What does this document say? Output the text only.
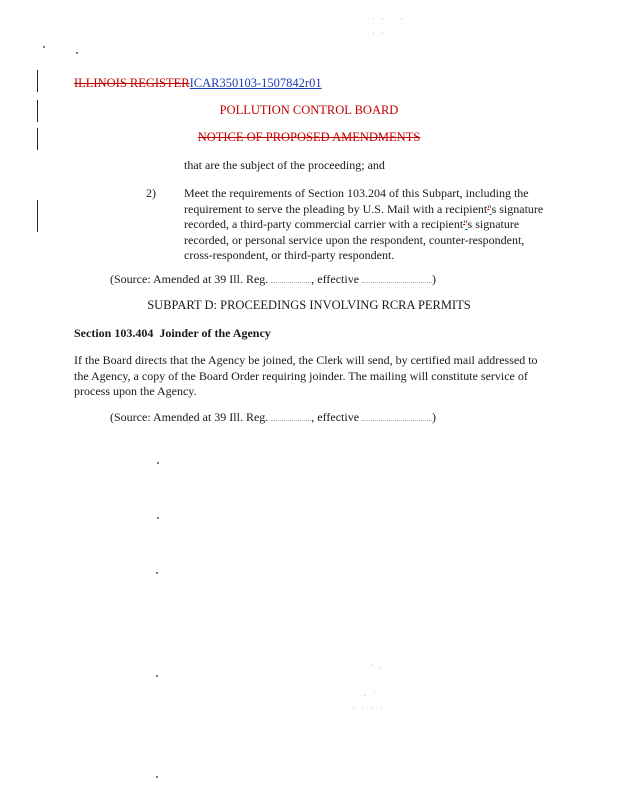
· · · ·
· ·
ILLINOIS REGISTERICAR350103-1507842r01
POLLUTION CONTROL BOARD
NOTICE OF PROPOSED AMENDMENTS
that are the subject of the proceeding; and
2) Meet the requirements of Section 103.204 of this Subpart, including the
requirement to serve the pleading by U.S. Mail with a recipient''s signature
recorded, a third-party commercial carrier with a recipient''s signature
recorded, or personal service upon the respondent, counter-respondent,
cross-respondent, or third-party respondent.
(Source: Amended at 39 Ill. Reg.	, effective	)
SUBPART D: PROCEEDINGS INVOLVING RCRA PERMITS
Section 103.404 Joinder of the Agency
If the Board directs that the Agency be joined, the Clerk will send, by certified mail addressed to
the Agency, a copy of the Board Order requiring joinder. The mailing will constitute service of
process upon the Agency.
(Source: Amended at 39 Ill. Reg.	, effective	)
· .
. ·
· · · ·
